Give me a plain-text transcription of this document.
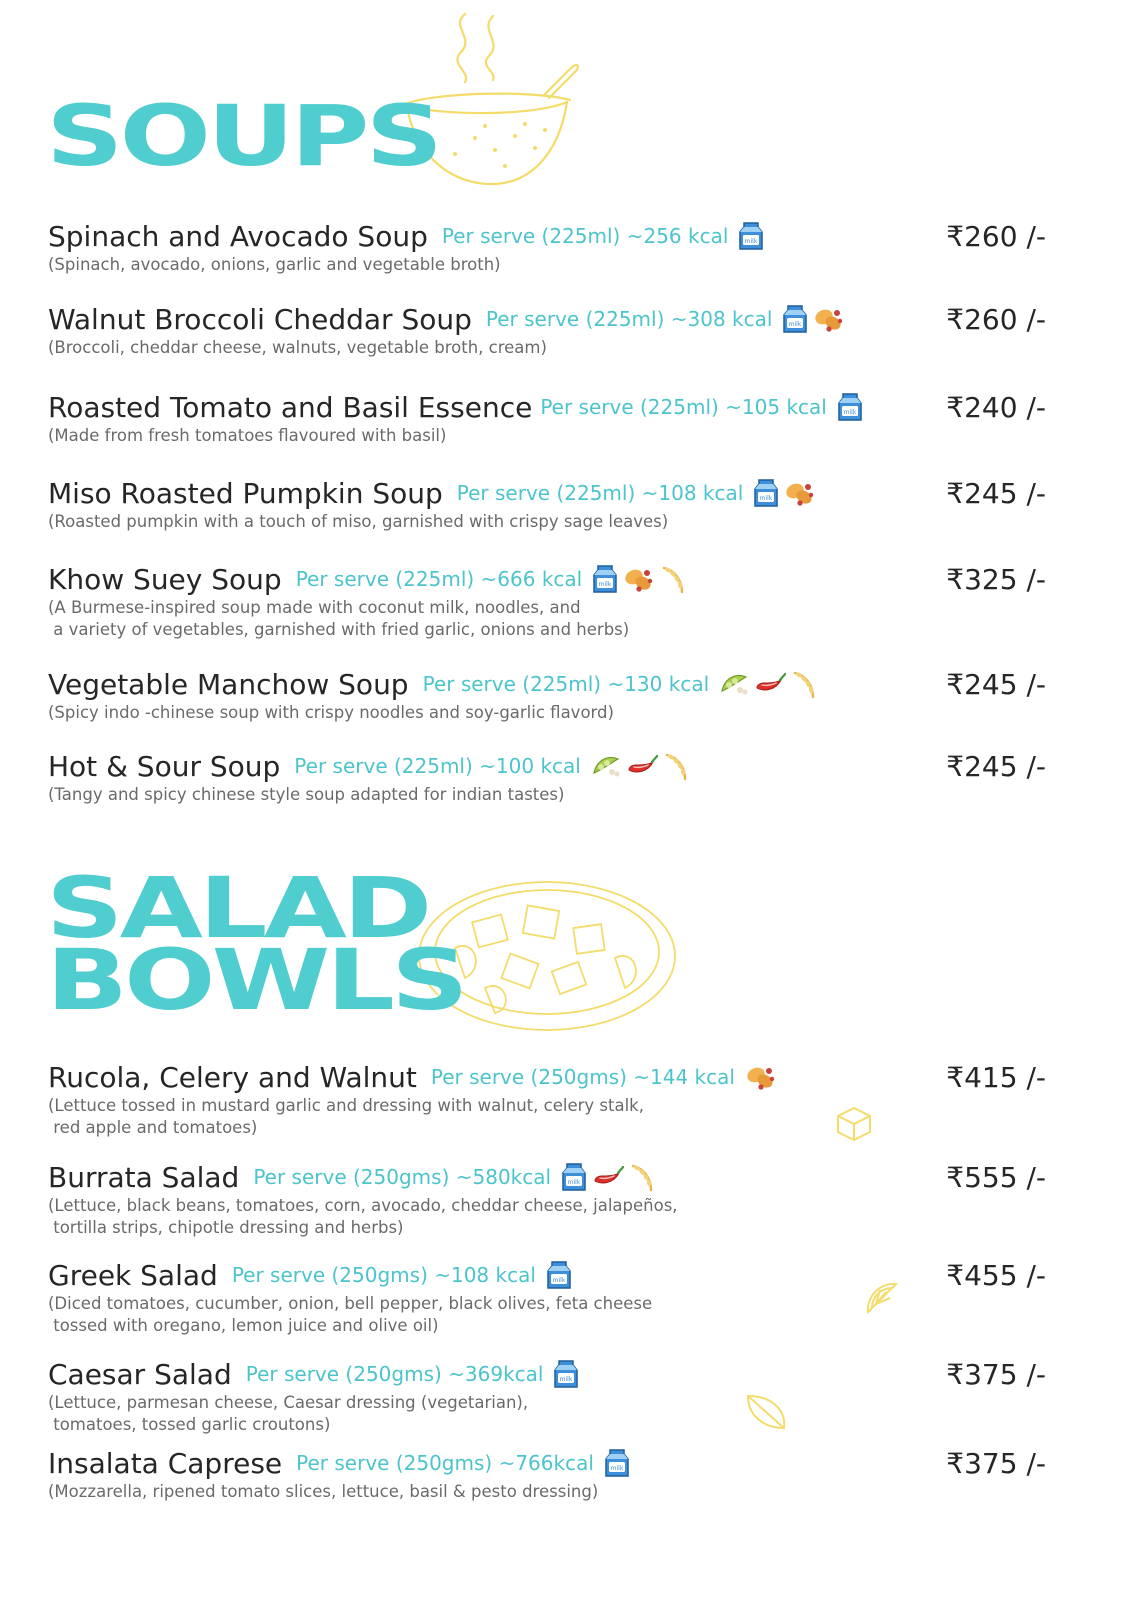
SOUPS
SALAD
BOWLS
Spinach and Avocado Soup Per serve (225ml) ~256 kcal	milk
(Spinach, avocado, onions, garlic and vegetable broth)
₹260 /-
Walnut Broccoli Cheddar Soup Per serve (225ml) ~308 kcal	milk
(Broccoli, cheddar cheese, walnuts, vegetable broth, cream)
₹260 /-
Roasted Tomato and Basil Essence Per serve (225ml) ~105 kcal	milk
(Made from fresh tomatoes flavoured with basil)
₹240 /-
Miso Roasted Pumpkin Soup Per serve (225ml) ~108 kcal	milk
(Roasted pumpkin with a touch of miso, garnished with crispy sage leaves)
₹245 /-
Khow Suey Soup Per serve (225ml) ~666 kcal	milk
(A Burmese-inspired soup made with coconut milk, noodles, and
a variety of vegetables, garnished with fried garlic, onions and herbs)
₹325 /-
Vegetable Manchow Soup Per serve (225ml) ~130 kcal
(Spicy indo -chinese soup with crispy noodles and soy-garlic flavord)
₹245 /-
Hot & Sour Soup Per serve (225ml) ~100 kcal
(Tangy and spicy chinese style soup adapted for indian tastes)
₹245 /-
Rucola, Celery and Walnut Per serve (250gms) ~144 kcal
(Lettuce tossed in mustard garlic and dressing with walnut, celery stalk,
red apple and tomatoes)
₹415 /-
Burrata Salad Per serve (250gms) ~580kcal	milk
(Lettuce, black beans, tomatoes, corn, avocado, cheddar cheese, jalapeños,
tortilla strips, chipotle dressing and herbs)
₹555 /-
Greek Salad Per serve (250gms) ~108 kcal	milk
(Diced tomatoes, cucumber, onion, bell pepper, black olives, feta cheese
tossed with oregano, lemon juice and olive oil)
₹455 /-
Caesar Salad Per serve (250gms) ~369kcal	milk
(Lettuce, parmesan cheese, Caesar dressing (vegetarian),
tomatoes, tossed garlic croutons)
₹375 /-
Insalata Caprese Per serve (250gms) ~766kcal	milk
(Mozzarella, ripened tomato slices, lettuce, basil & pesto dressing)
₹375 /-
